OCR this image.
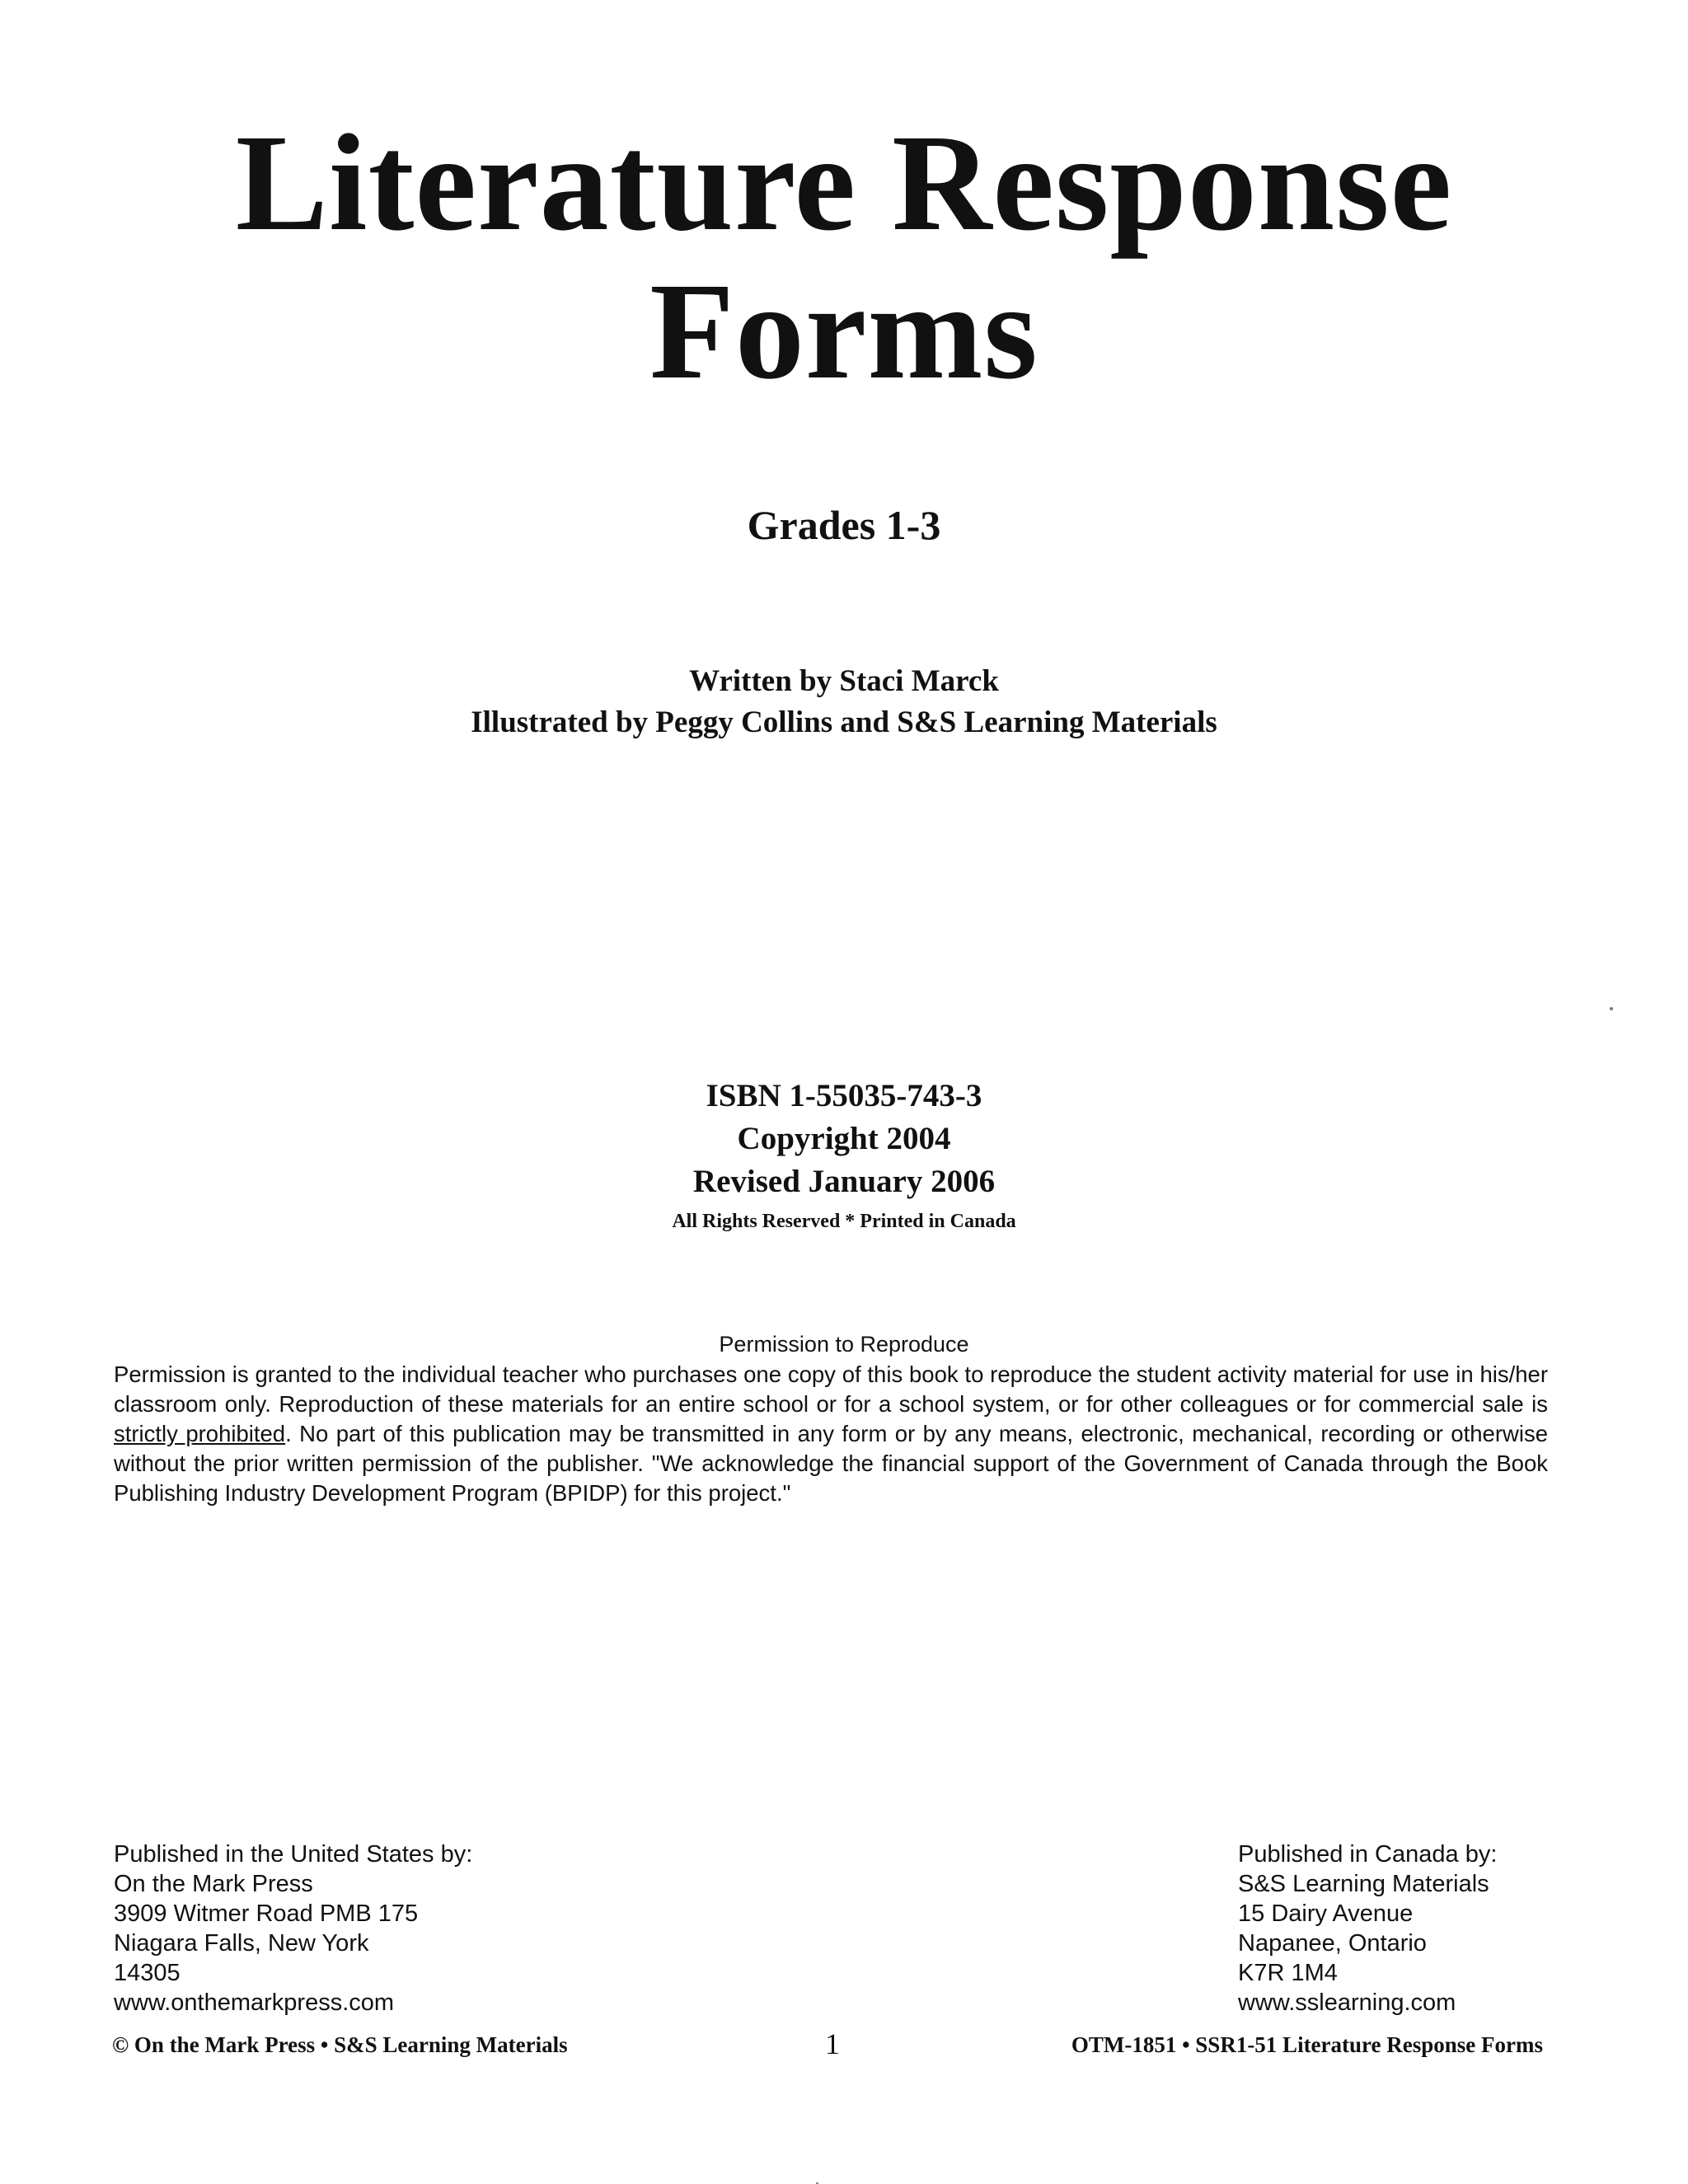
Literature Response
Forms
Grades 1-3
Written by Staci Marck
Illustrated by Peggy Collins and S&S Learning Materials
ISBN 1-55035-743-3
Copyright 2004
Revised January 2006
All Rights Reserved * Printed in Canada
Permission to Reproduce
Permission is granted to the individual teacher who purchases one copy of this book to reproduce the student activity material for use in his/her classroom only. Reproduction of these materials for an entire school or for a school system, or for other colleagues or for commercial sale is strictly prohibited. No part of this publication may be transmitted in any form or by any means, electronic, mechanical, recording or otherwise without the prior written permission of the publisher. "We acknowledge the financial support of the Government of Canada through the Book Publishing Industry Development Program (BPIDP) for this project."
Published in the United States by:
On the Mark Press
3909 Witmer Road PMB 175
Niagara Falls, New York
14305
www.onthemarkpress.com
Published in Canada by:
S&S Learning Materials
15 Dairy Avenue
Napanee, Ontario
K7R 1M4
www.sslearning.com
© On the Mark Press • S&S Learning Materials	1	OTM-1851 • SSR1-51 Literature Response Forms
